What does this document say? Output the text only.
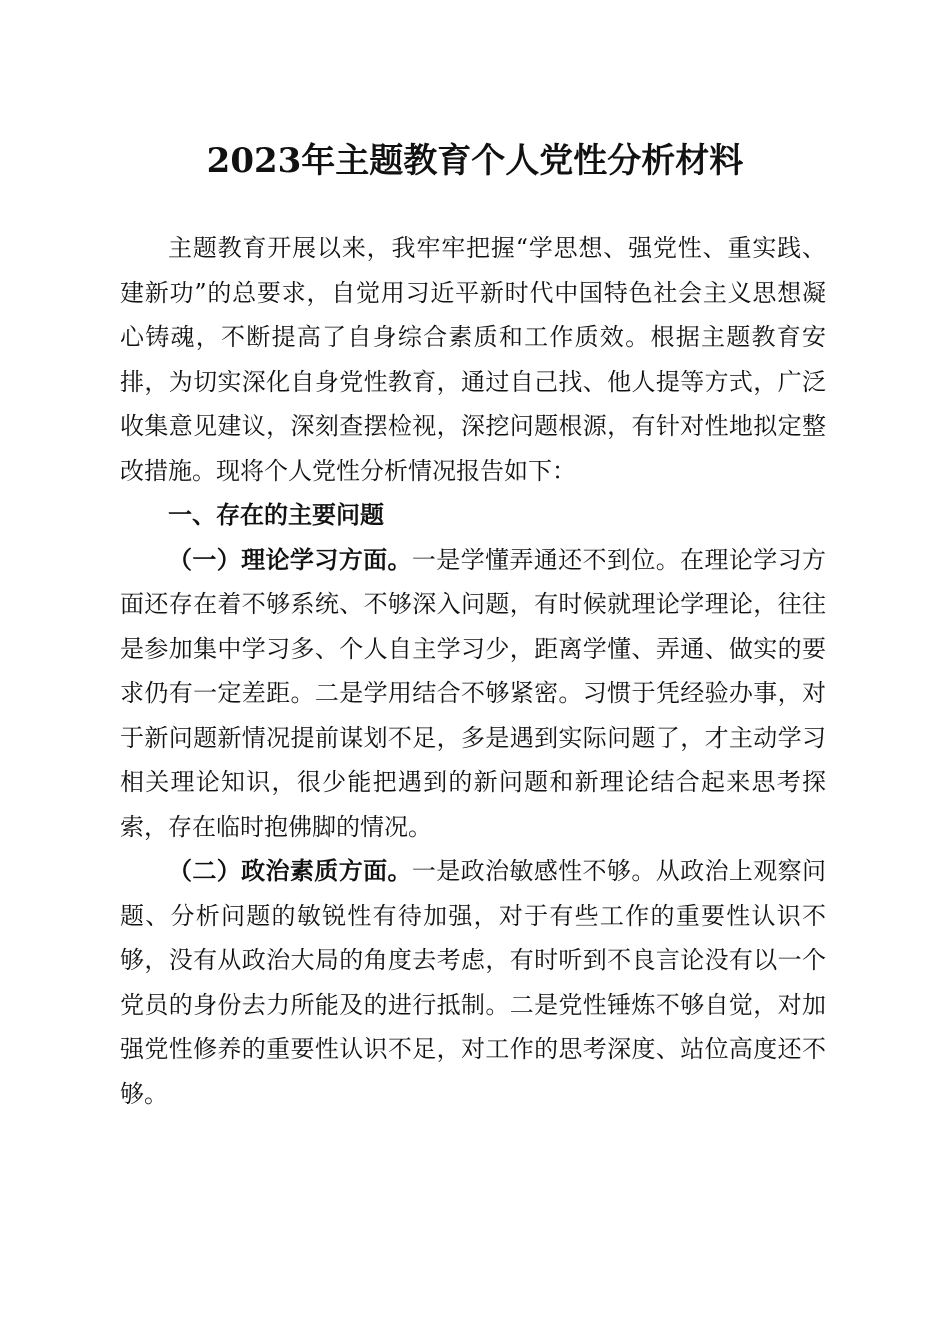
2023年主题教育个人党性分析材料

主题教育开展以来，我牢牢把握“学思想、强党性、重实践、建新功”的总要求，自觉用习近平新时代中国特色社会主义思想凝心铸魂，不断提高了自身综合素质和工作质效。根据主题教育安排，为切实深化自身党性教育，通过自己找、他人提等方式，广泛收集意见建议，深刻查摆检视，深挖问题根源，有针对性地拟定整改措施。现将个人党性分析情况报告如下：

一、存在的主要问题

（一）理论学习方面。一是学懂弄通还不到位。在理论学习方面还存在着不够系统、不够深入问题，有时候就理论学理论，往往是参加集中学习多、个人自主学习少，距离学懂、弄通、做实的要求仍有一定差距。二是学用结合不够紧密。习惯于凭经验办事，对于新问题新情况提前谋划不足，多是遇到实际问题了，才主动学习相关理论知识，很少能把遇到的新问题和新理论结合起来思考探索，存在临时抱佛脚的情况。

（二）政治素质方面。一是政治敏感性不够。从政治上观察问题、分析问题的敏锐性有待加强，对于有些工作的重要性认识不够，没有从政治大局的角度去考虑，有时听到不良言论没有以一个党员的身份去力所能及的进行抵制。二是党性锤炼不够自觉，对加强党性修养的重要性认识不足，对工作的思考深度、站位高度还不够。
